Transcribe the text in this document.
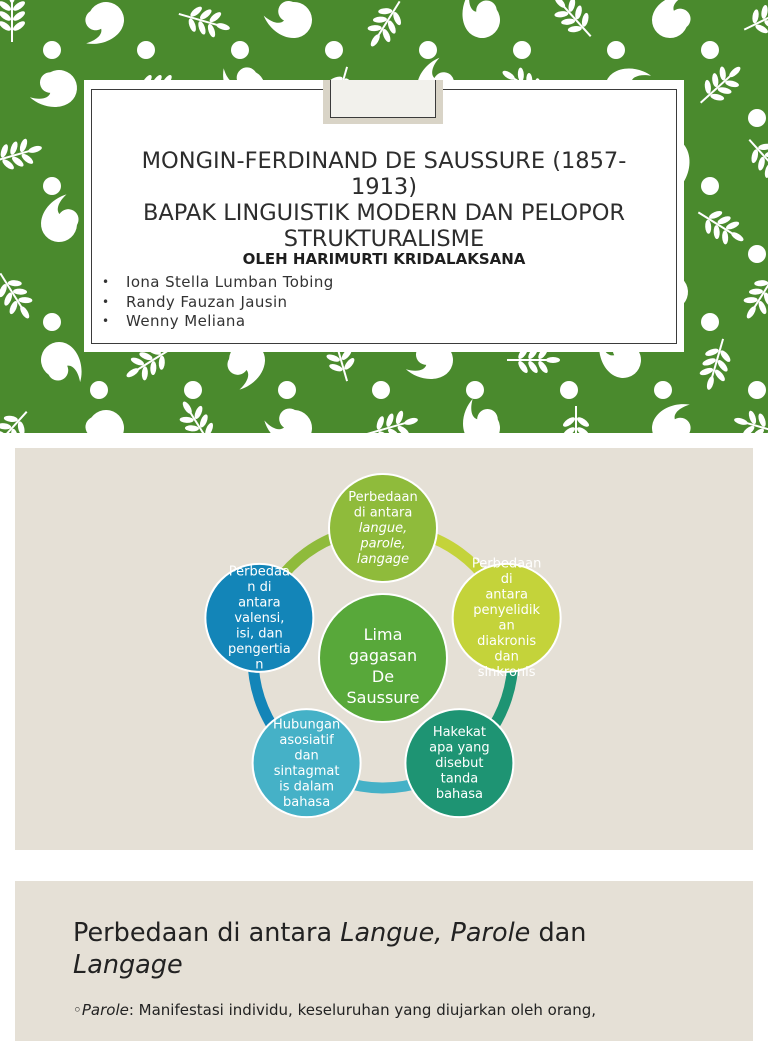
MONGIN-FERDINAND DE SAUSSURE (1857-
1913)
BAPAK LINGUISTIK MODERN DAN PELOPOR
STRUKTURALISME
OLEH HARIMURTI KRIDALAKSANA
• Iona Stella Lumban Tobing
• Randy Fauzan Jausin
• Wenny Meliana
Lima
gagasan
De
Saussure
Perbedaan
di antara
langue,
parole,
langage	Perbedaan
di
antara
penyelidik
an
diakronis
dan
sinkronis
Hakekat
apa yang
disebut
tanda
bahasa
Hubungan
asosiatif
dan
sintagmat
is dalam
bahasa
Perbedaa
n di
antara
valensi,
isi, dan
pengertia
n
Perbedaan di antara Langue, Parole dan
Langage
◦Parole: Manifestasi individu, keseluruhan yang diujarkan oleh orang,
